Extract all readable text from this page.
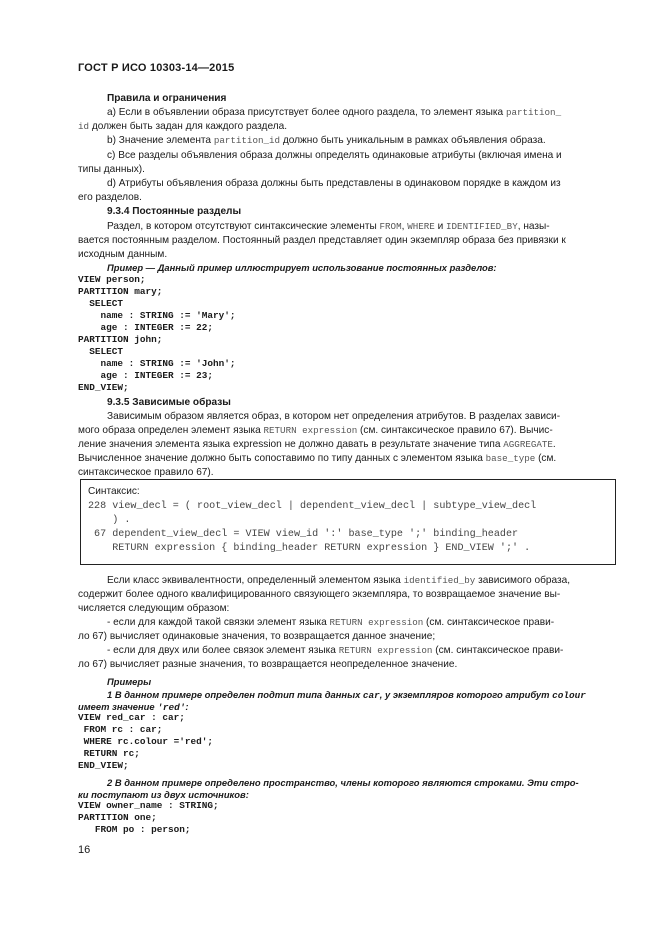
ГОСТ Р ИСО 10303-14—2015
Правила и ограничения
а) Если в объявлении образа присутствует более одного раздела, то элемент языка partition_
id должен быть задан для каждого раздела.
b) Значение элемента partition_id должно быть уникальным в рамках объявления образа.
с) Все разделы объявления образа должны определять одинаковые атрибуты (включая имена и
типы данных).
d) Атрибуты объявления образа должны быть представлены в одинаковом порядке в каждом из
его разделов.
9.3.4 Постоянные разделы
Раздел, в котором отсутствуют синтаксические элементы FROM, WHERE и IDENTIFIED_BY, назы-
вается постоянным разделом. Постоянный раздел представляет один экземпляр образа без привязки к
исходным данным.
Пример — Данный пример иллюстрирует использование постоянных разделов:
VIEW person;
PARTITION mary;
SELECT
name : STRING := 'Mary';
age : INTEGER := 22;
PARTITION john;
SELECT
name : STRING := 'John';
age : INTEGER := 23;
END_VIEW;
9.3.5 Зависимые образы
Зависимым образом является образ, в котором нет определения атрибутов. В разделах зависи-
мого образа определен элемент языка RETURN expression (см. синтаксическое правило 67). Вычис-
ление значения элемента языка expression не должно давать в результате значение типа AGGREGATE.
Вычисленное значение должно быть сопоставимо по типу данных с элементом языка base_type (см.
синтаксическое правило 67).
Синтаксис:
228 view_decl = ( root_view_decl | dependent_view_decl | subtype_view_decl
) .
67 dependent_view_decl = VIEW view_id ':' base_type ';' binding_header
RETURN expression { binding_header RETURN expression } END_VIEW ';' .
Если класс эквивалентности, определенный элементом языка identified_by зависимого образа,
содержит более одного квалифицированного связующего экземпляра, то возвращаемое значение вы-
числяется следующим образом:
- если для каждой такой связки элемент языка RETURN expression (см. синтаксическое прави-
ло 67) вычисляет одинаковые значения, то возвращается данное значение;
- если для двух или более связок элемент языка RETURN expression (см. синтаксическое прави-
ло 67) вычисляет разные значения, то возвращается неопределенное значение.
Примеры
1 В данном примере определен подтип типа данных car, у экземпляров которого атрибут colour
имеет значение 'red':
VIEW red_car : car;
FROM rc : car;
WHERE rc.colour ='red';
RETURN rc;
END_VIEW;
2 В данном примере определено пространство, члены которого являются строками. Эти стро-
ки поступают из двух источников:
VIEW owner_name : STRING;
PARTITION one;
FROM po : person;
16
